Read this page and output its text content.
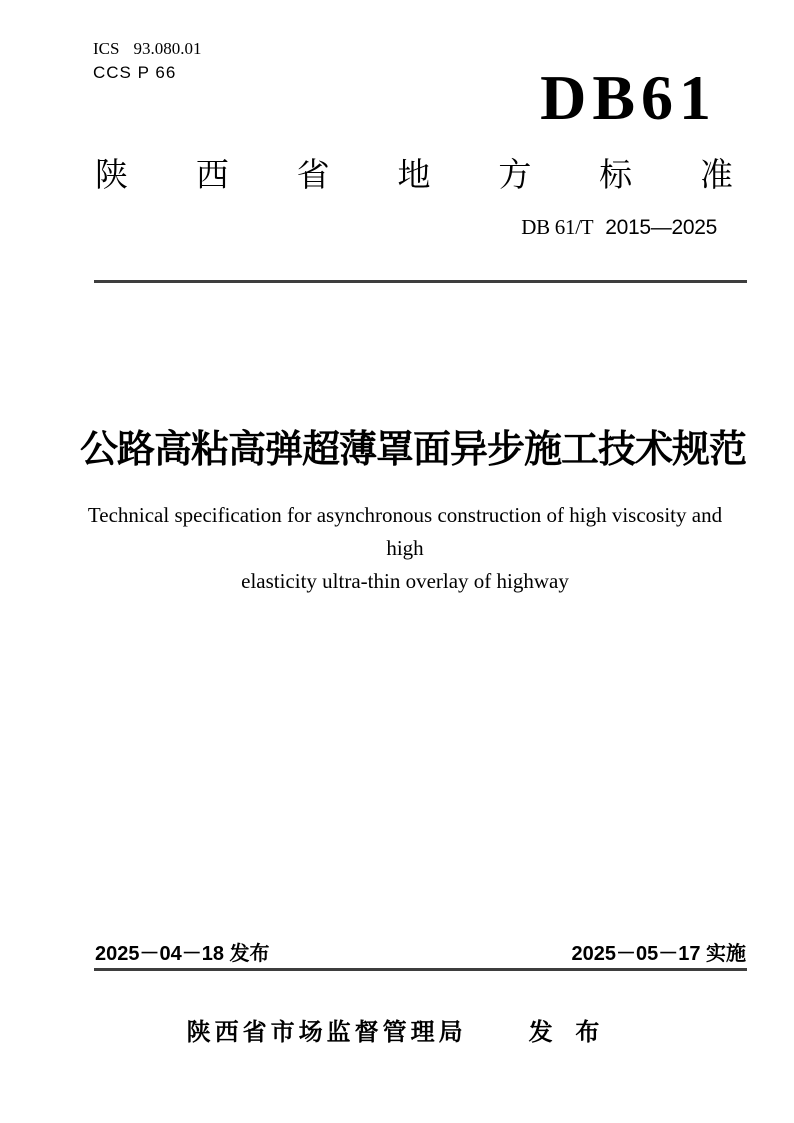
ICS 93.080.01
CCS P 66	DB61
陕西省地方标准
DB 61/T 2015—2025
公路高粘高弹超薄罩面异步施工技术规范
Technical specification for asynchronous construction of high viscosity and high
elasticity ultra-thin overlay of highway
2025－04－18 发布	2025－05－17 实施
陕西省市场监督管理局	发 布
